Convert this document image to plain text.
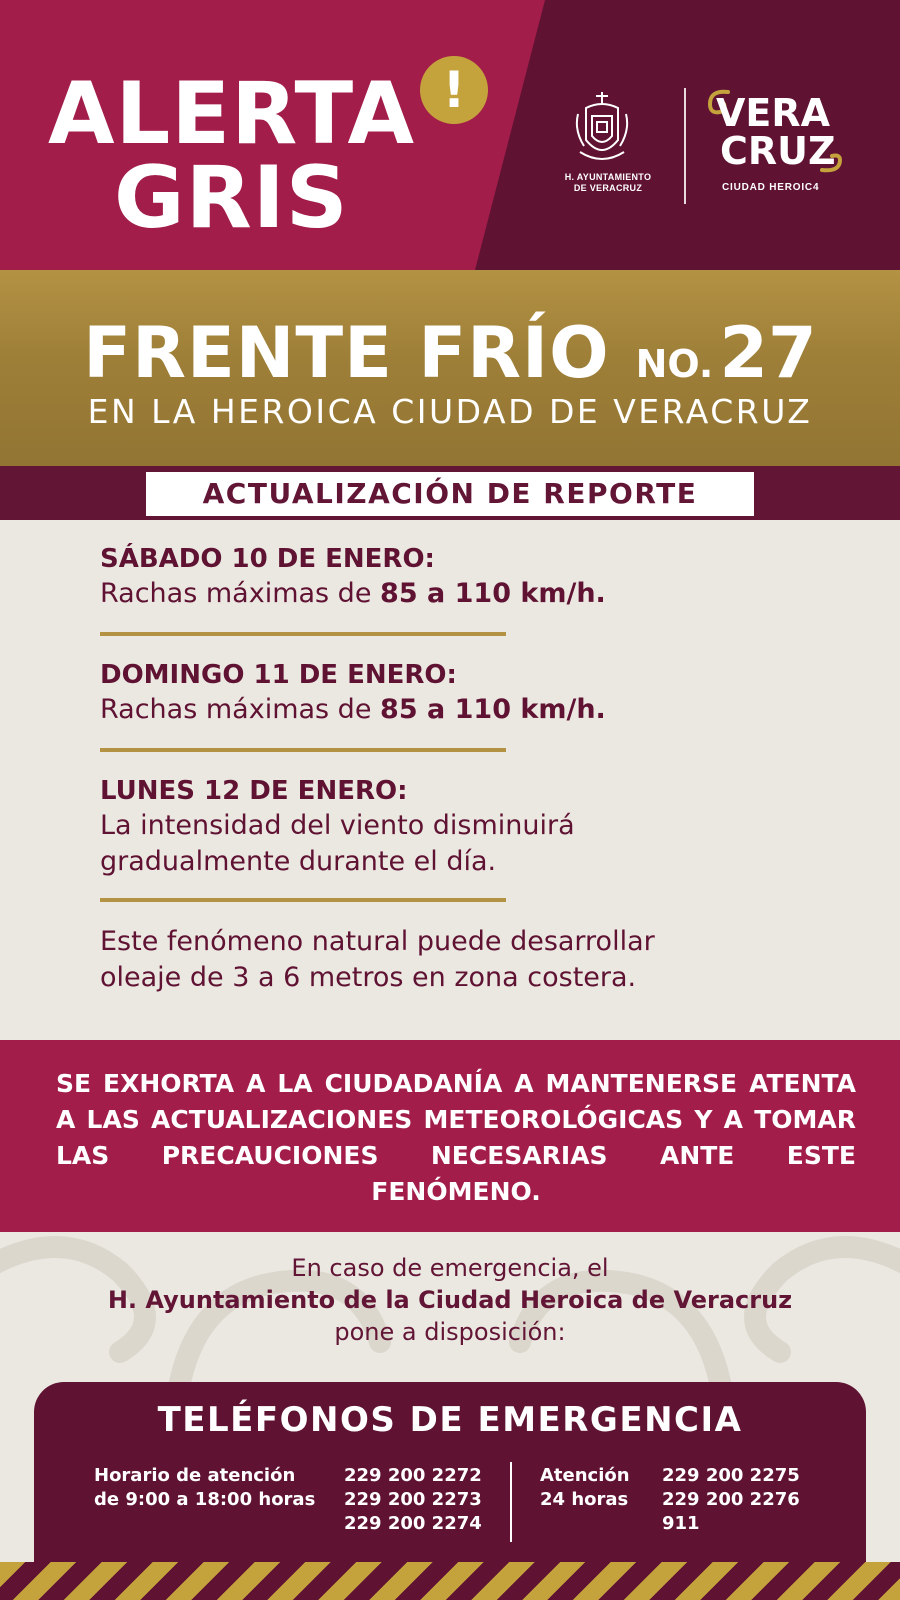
ALERTA

GRIS
!
H. AYUNTAMIENTO
DE VERACRUZ
VERA
CRUZ
CIUDAD HEROIC4
FRENTE FRÍO NO.27
EN LA HEROICA CIUDAD DE VERACRUZ
ACTUALIZACIÓN DE REPORTE
SÁBADO 10 DE ENERO:
Rachas máximas de 85 a 110 km/h.
DOMINGO 11 DE ENERO:
Rachas máximas de 85 a 110 km/h.
LUNES 12 DE ENERO:
La intensidad del viento disminuirá
gradualmente durante el día.
Este fenómeno natural puede desarrollar
oleaje de 3 a 6 metros en zona costera.
SE EXHORTA A LA CIUDADANÍA A MANTENERSE ATENTA A LAS ACTUALIZACIONES METEOROLÓGICAS Y A TOMAR LAS PRECAUCIONES NECESARIAS ANTE ESTE FENÓMENO.
En caso de emergencia, el
H. Ayuntamiento de la Ciudad Heroica de Veracruz
pone a disposición:
TELÉFONOS DE EMERGENCIA
Horario de atención
de 9:00 a 18:00 horas
229 200 2272
229 200 2273
229 200 2274
Atención
24 horas
229 200 2275
229 200 2276
911
